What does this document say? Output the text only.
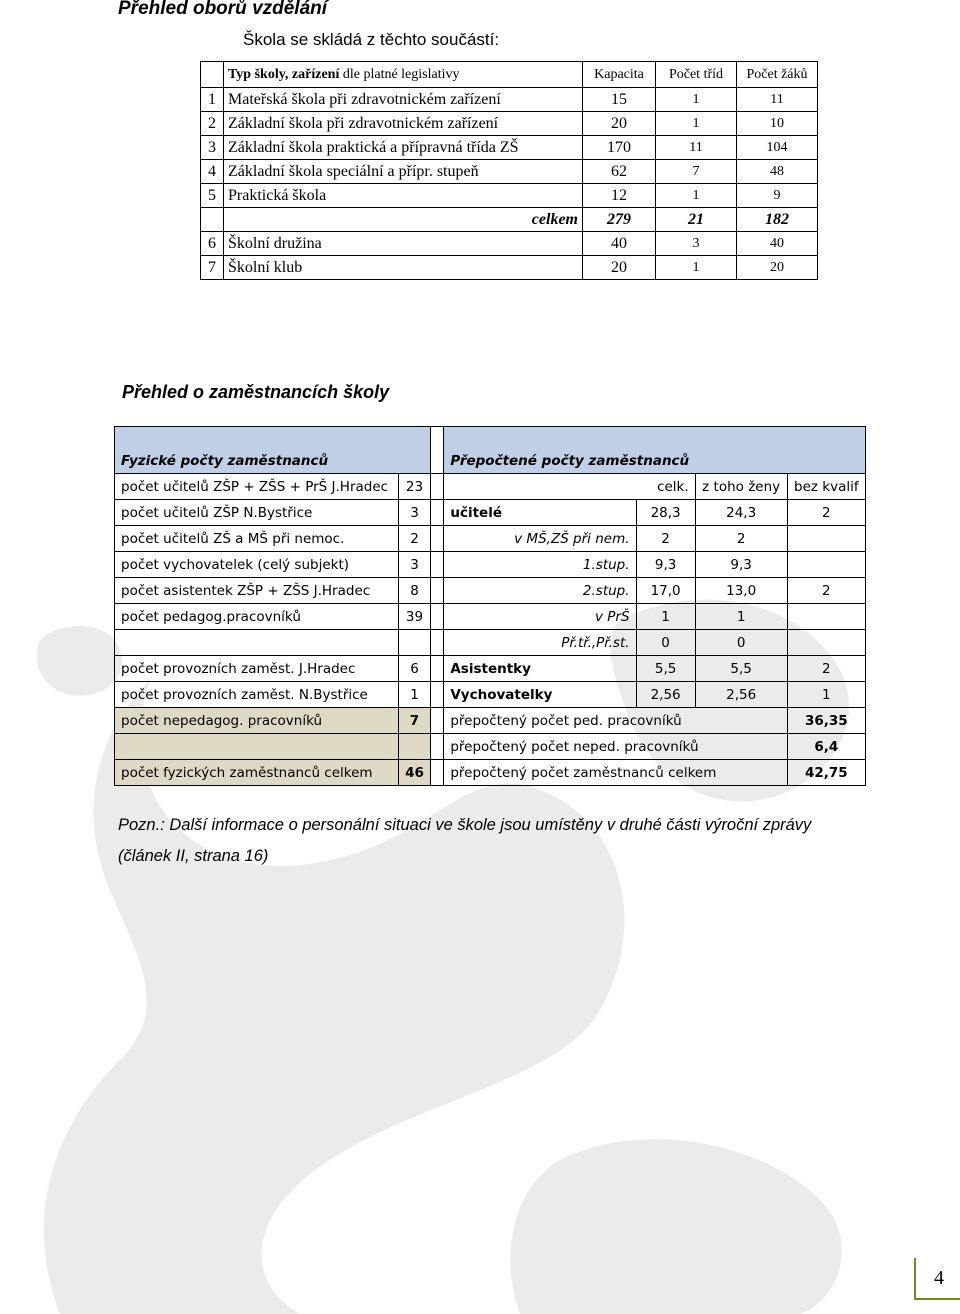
Přehled oborů vzdělání
Škola se skládá z těchto součástí:
	Typ školy, zařízení dle platné legislativy	Kapacita	Počet tříd	Počet žáků
1	Mateřská škola při zdravotnickém zařízení	15	1	11
2	Základní škola při zdravotnickém zařízení	20	1	10
3	Základní škola praktická a přípravná třída ZŠ	170	11	104
4	Základní škola speciální a přípr. stupeň	62	7	48
5	Praktická škola	12	1	9
	celkem	279	21	182
6	Školní družina	40	3	40
7	Školní klub	20	1	20
Přehled o zaměstnancích školy
Fyzické počty zaměstnanců			Přepočtené počty zaměstnanců			
počet učitelů ZŠP + ZŠS + PrŠ J.Hradec	23			celk.	z toho ženy	bez kvalif
počet učitelů ZŠP N.Bystřice	3		učitelé	28,3	24,3	2
počet učitelů ZŠ a MŠ při nemoc.	2		v MŠ,ZŠ při nem.	2	2	
počet vychovatelek (celý subjekt)	3		1.stup.	9,3	9,3	
počet asistentek ZŠP + ZŠS J.Hradec	8		2.stup.	17,0	13,0	2
počet pedagog.pracovníků	39		v PrŠ	1	1	
			Př.tř.,Př.st.	0	0	
počet provozních zaměst. J.Hradec	6		Asistentky	5,5	5,5	2
počet provozních zaměst. N.Bystřice	1		Vychovatelky	2,56	2,56	1
počet nepedagog. pracovníků	7		přepočtený počet ped. pracovníků			36,35
			přepočtený počet neped. pracovníků			6,4
počet fyzických zaměstnanců celkem	46		přepočtený počet zaměstnanců celkem			42,75
Pozn.: Další informace o personální situaci ve škole jsou umístěny v druhé části výroční zprávy
(článek II, strana 16)
4
